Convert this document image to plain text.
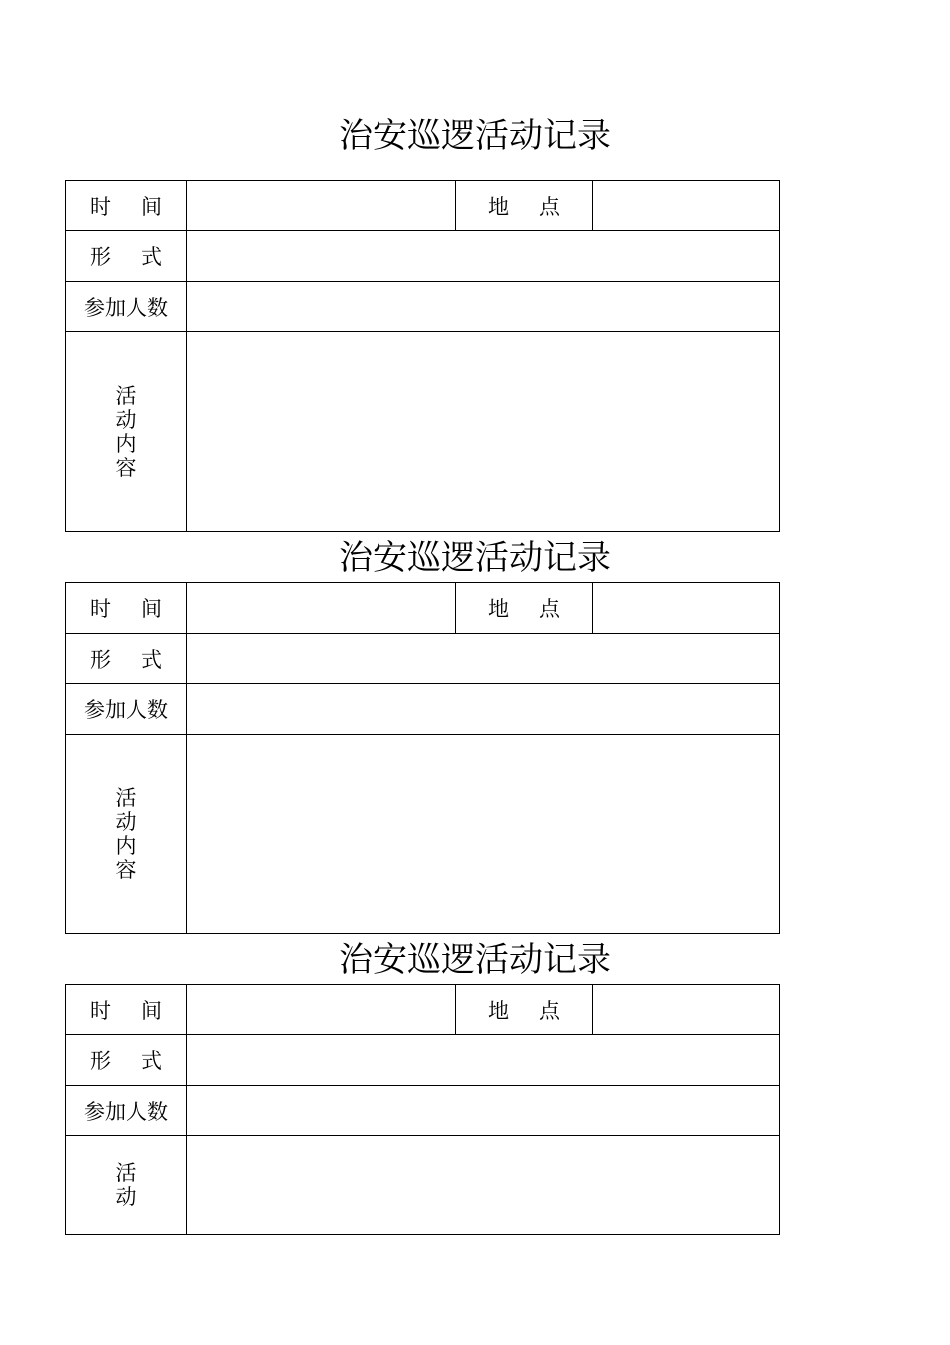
治安巡逻活动记录
时 间		地 点	
形 式			
参加人数			

活
动
内
容			

治安巡逻活动记录
时 间		地 点	
形 式			
参加人数			

活
动
内
容			

治安巡逻活动记录
时 间		地 点	
形 式			
参加人数			

活
动			
